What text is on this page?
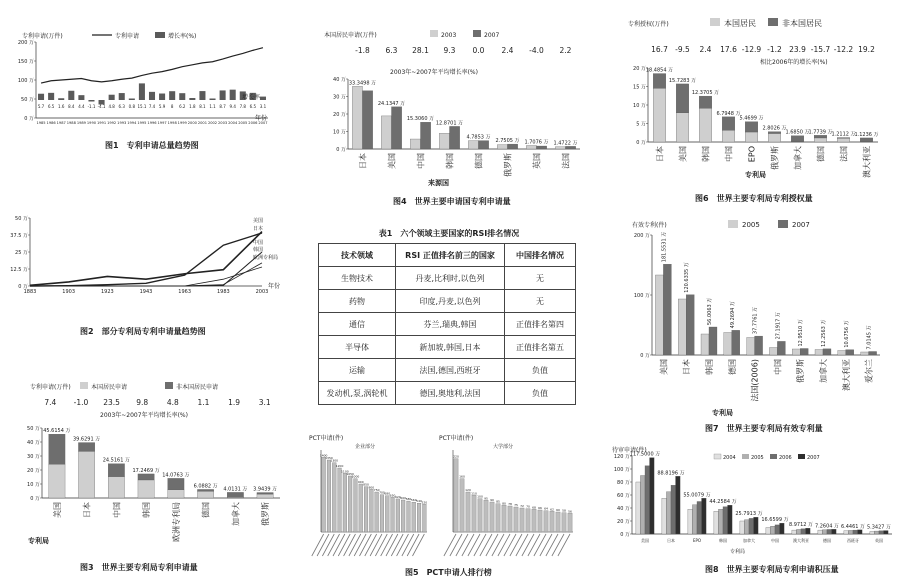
专利申请(万件)	专利申请	增长率(%)
200 万
150 万
100 万
50 万
0 万
5.7 6.5 1.6 8.4 4.4 -1.1 -4.1 4.8 6.3 0.8 15.1 7.4 5.9 8 6.2 1.8 8.1 1.1 8.7 9.4 7.8 6.5 3.1
1985 1986 1987 1988 1989 1990 1991 1992 1993 1994 1995 1996 1997 1998 1999 2000 2001 2002 2003 2004 2005 2006 2007
增长率
年份
图1　专利申请总量趋势图
50 万
37.5 万
25 万
12.5 万
0 万
1883	1903	1923	1943	1963	1983	2003
美国
日本
中国
韩国
欧洲专利局
年份
图2　部分专利局专利申请量趋势图
专利申请(万件)	本国居民申请	非本国居民申请
7.4 -1.0 23.5 9.8 4.8 1.1 1.9 3.1
2003年~2007年平均增长率(%)
50 万
40 万
30 万
20 万
10 万
0 万
45.6154 万
美国
39.6291 万
日本
24.5161 万
中国
17.2469 万
韩国
14.0763 万
欧洲专利局
6.0882 万
德国
4.0131 万
加拿大
3.9439 万
俄罗斯
专利局
图3　世界主要专利局专利申请量
本国居民申请(万件)	2003	2007
-1.8 6.3 28.1 9.3 0.0 2.4 -4.0 2.2
2003年~2007年平均增长率(%)
40 万
30 万
20 万
10 万
0 万
33.3498 万
日本
24.1347 万
美国
15.3060 万
中国
12.8701 万
韩国
4.7853 万
德国
2.7505 万
俄罗斯
1.7076 万
英国
1.4722 万
法国
来源国
图4　世界主要申请国专利申请量
表1　六个领域主要国家的RSI排名情况
技术领域	RSI 正值排名前三的国家	中国排名情况
生物技术	丹麦,比利时,以色列	无
药物	印度,丹麦,以色列	无
通信	芬兰,瑞典,韩国	正值排名第四
半导体	新加坡,韩国,日本	正值排名第五
运输	法国,德国,西班牙	负值
发动机,泵,涡轮机	德国,奥地利,法国	负值
PCT申请(件)
企业部分
PCT申请(件)
大学部分
1400
1350
1300
1200
1100
1050
1000
900
850
800
750
700 680 650 620 600 580 560 540 520
220
160
120
110
100 95 90 85 80 78 75 72 70 68 66 64 62 60 58 56
图5　PCT申请人排行榜
专利授权(万件)	本国居民	非本国居民
16.7 -9.5 2.4 17.6 -12.9 -1.2 23.9 -15.7 -12.2 19.2
相比2006年的增长率(%)
20 万
15 万
10 万
5 万
0 万
18.4854 万
日本
15.7283 万
美国
12.3705 万
韩国
6.7948 万
中国
5.4699 万
EPO
2.8026 万
俄罗斯
1.6850 万
加拿大
1.7739 万
德国
1.2112 万
法国
1.1236 万
澳大利亚
专利局
图6　世界主要专利局专利授权量
有效专利(件)	2005	2007
200 万
100 万
0 万
181.5531 万
美国
120.6335 万
日本
56.0063 万
韩国
49.2694 万
德国
37.7761 万
法国(2006)
27.1917 万
中国
12.9510 万
俄罗斯
12.2563 万
加拿大
10.6756 万
澳大利亚
7.0145 万
爱尔兰
专利局
图7　世界主要专利局有效专利量
待审申请(件)
2004	2005	2006	2007
120 万
100 万
80 万
60 万
40 万
20 万
0 万
117.5000 万
美国
88.8196 万
日本
55.0079 万
EPO
44.2584 万
韩国
25.7913 万
加拿大
16.6599 万
中国
8.9712 万
澳大利亚
7.2604 万
德国
6.4461 万
西班牙
5.3427 万
英国
专利局
图8　世界主要专利局专利申请积压量
